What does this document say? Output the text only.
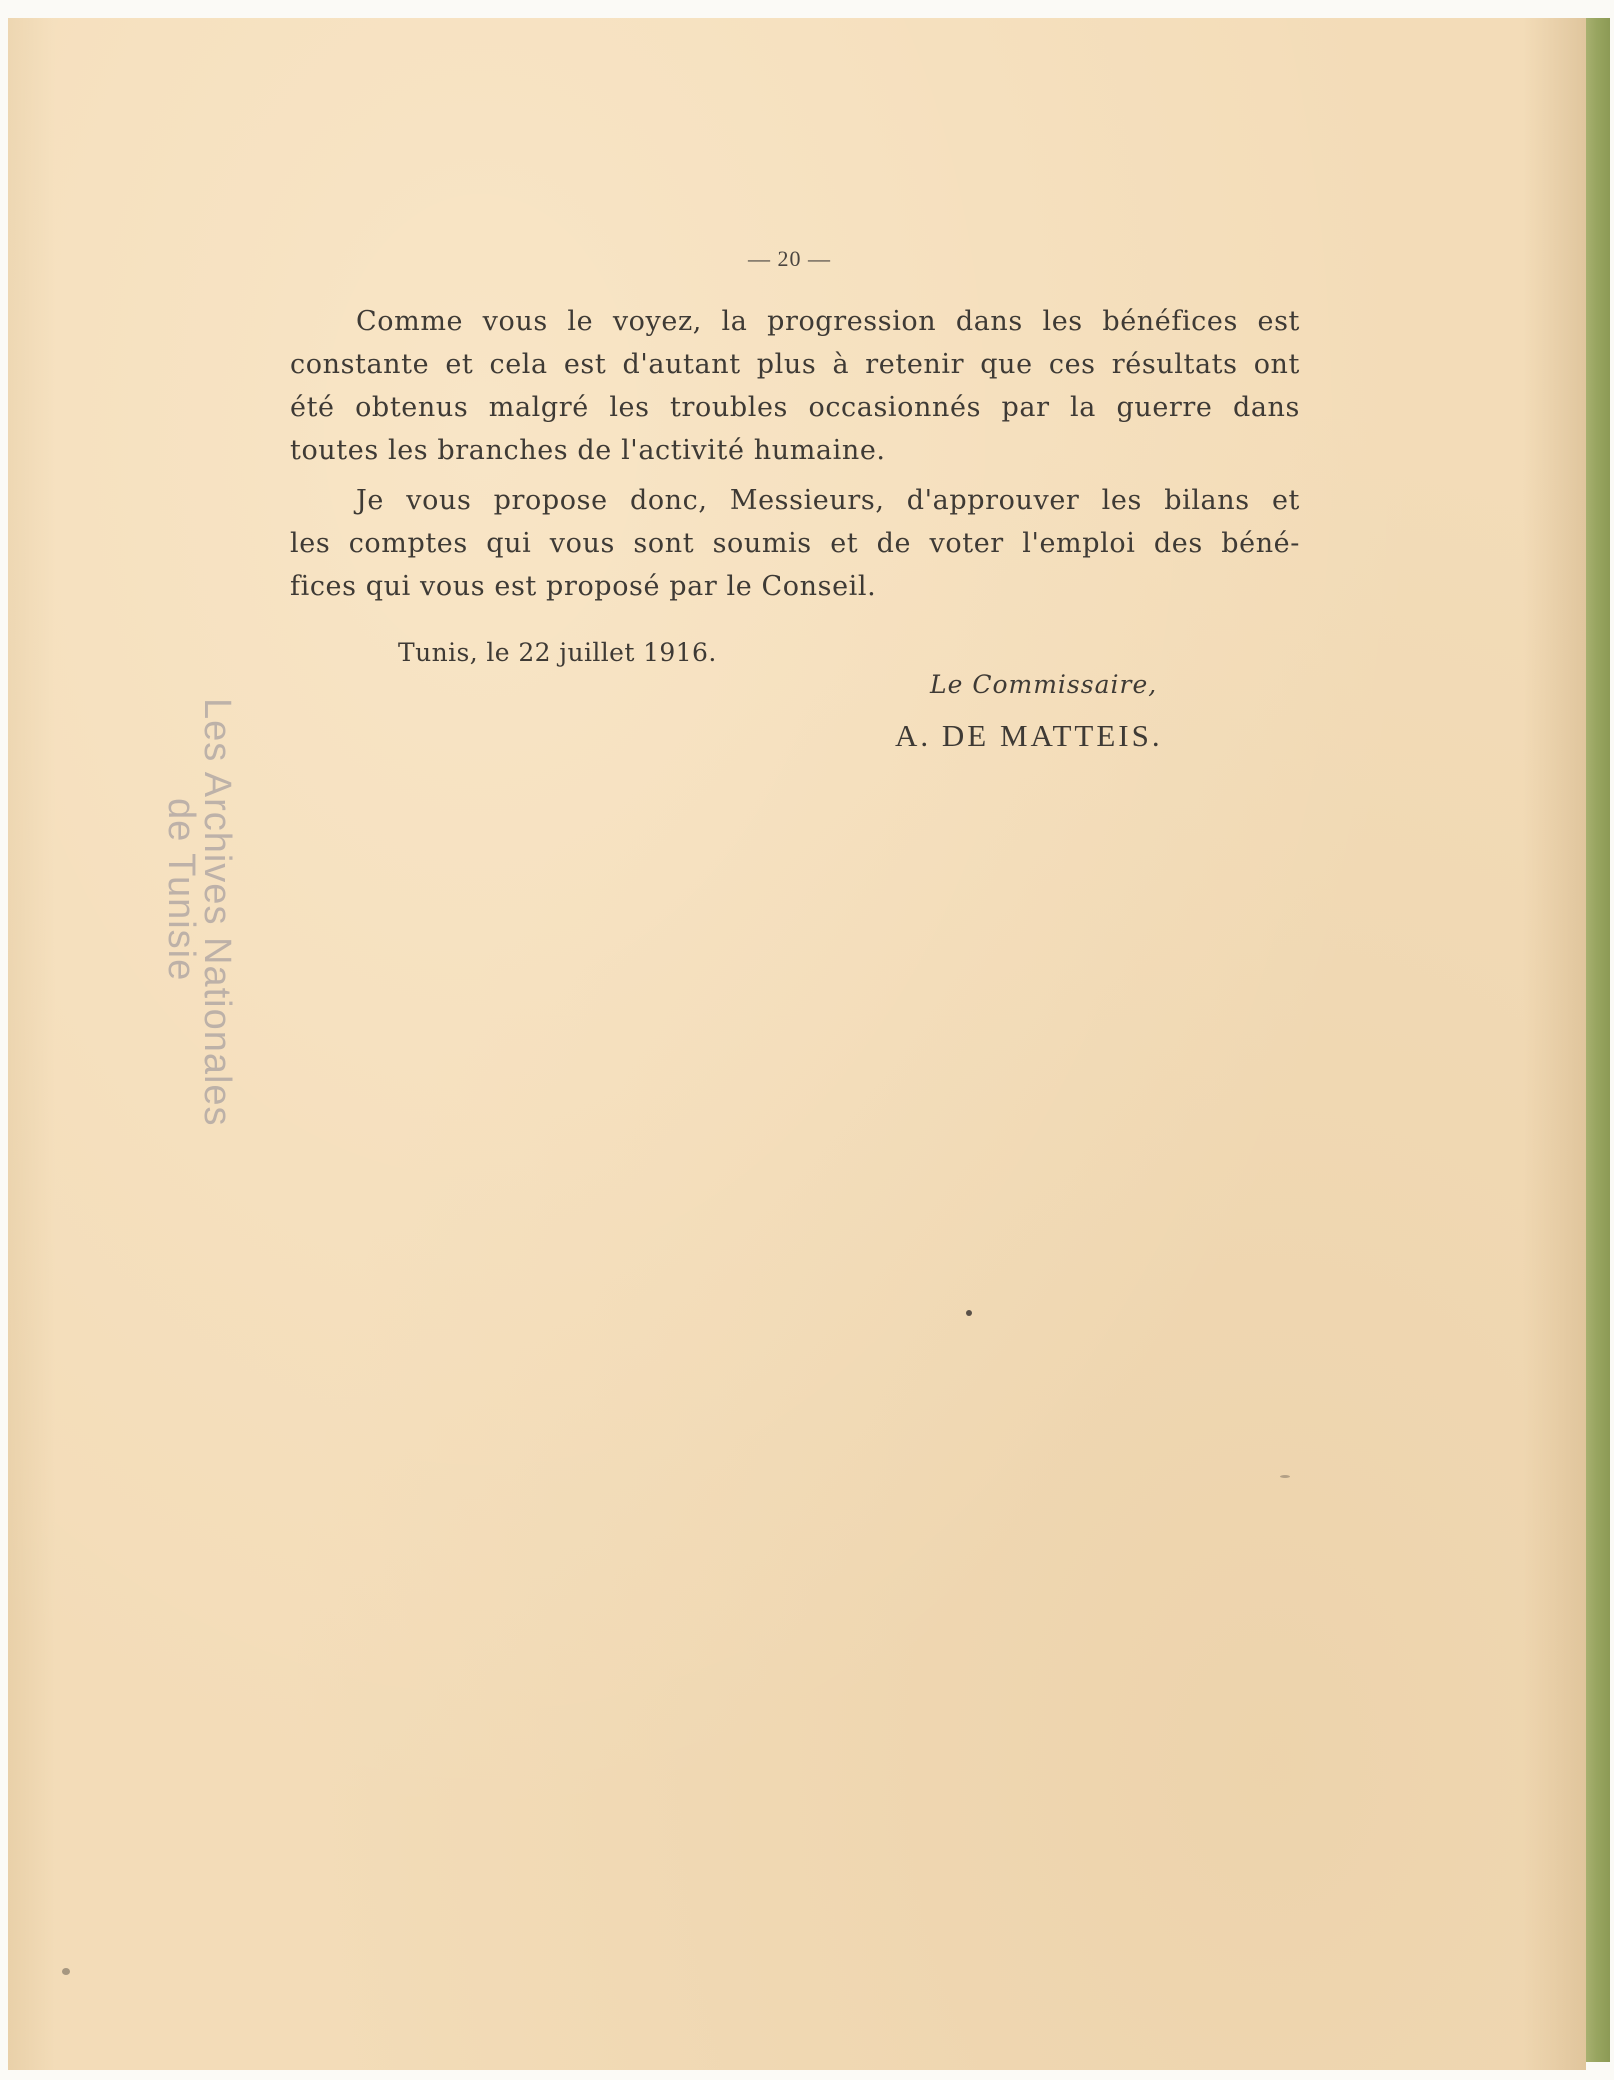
— 20 —
Comme vous le voyez, la progression dans les bénéfices est
constante et cela est d'autant plus à retenir que ces résultats ont
été obtenus malgré les troubles occasionnés par la guerre dans
toutes les branches de l'activité humaine.
Je vous propose donc, Messieurs, d'approuver les bilans et
les comptes qui vous sont soumis et de voter l'emploi des béné-
fices qui vous est proposé par le Conseil.
Tunis, le 22 juillet 1916.
Le Commissaire,
A. DE MATTEIS.
Les Archives Nationales
de Tunisie
